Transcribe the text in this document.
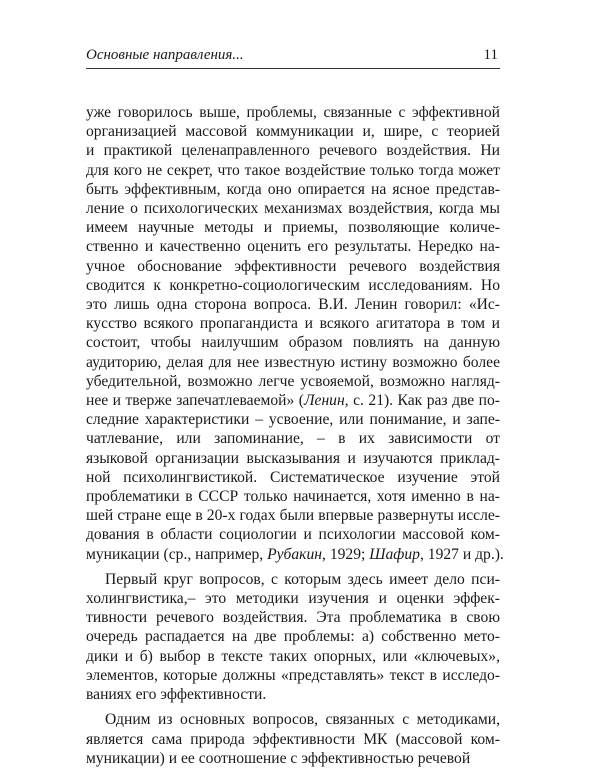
Основные направления...	11

уже говорилось выше, проблемы, связанные с эффективной
организацией массовой коммуникации и, шире, с теорией
и практикой целенаправленного речевого воздействия. Ни
для кого не секрет, что такое воздействие только тогда может
быть эффективным, когда оно опирается на ясное представ-
ление о психологических механизмах воздействия, когда мы
имеем научные методы и приемы, позволяющие количе-
ственно и качественно оценить его результаты. Нередко на-
учное обоснование эффективности речевого воздействия
сводится к конкретно-социологическим исследованиям. Но
это лишь одна сторона вопроса. В.И. Ленин говорил: «Ис-
кусство всякого пропагандиста и всякого агитатора в том и
состоит, чтобы наилучшим образом повлиять на данную
аудиторию, делая для нее известную истину возможно более
убедительной, возможно легче усвояемой, возможно нагляд-
нее и тверже запечатлеваемой» (Ленин, с. 21). Как раз две по-
следние характеристики – усвоение, или понимание, и запе-
чатлевание, или запоминание, – в их зависимости от
языковой организации высказывания и изучаются приклад-
ной психолингвистикой. Систематическое изучение этой
проблематики в СССР только начинается, хотя именно в на-
шей стране еще в 20-х годах были впервые развернуты иссле-
дования в области социологии и психологии массовой ком-
муникации (ср., например, Рубакин, 1929; Шафир, 1927 и др.).

Первый круг вопросов, с которым здесь имеет дело пси-
холингвистика,– это методики изучения и оценки эффек-
тивности речевого воздействия. Эта проблематика в свою
очередь распадается на две проблемы: а) собственно мето-
дики и б) выбор в тексте таких опорных, или «ключевых»,
элементов, которые должны «представлять» текст в исследо-
ваниях его эффективности.

Одним из основных вопросов, связанных с методиками,
является сама природа эффективности МК (массовой ком-
муникации) и ее соотношение с эффективностью речевой
